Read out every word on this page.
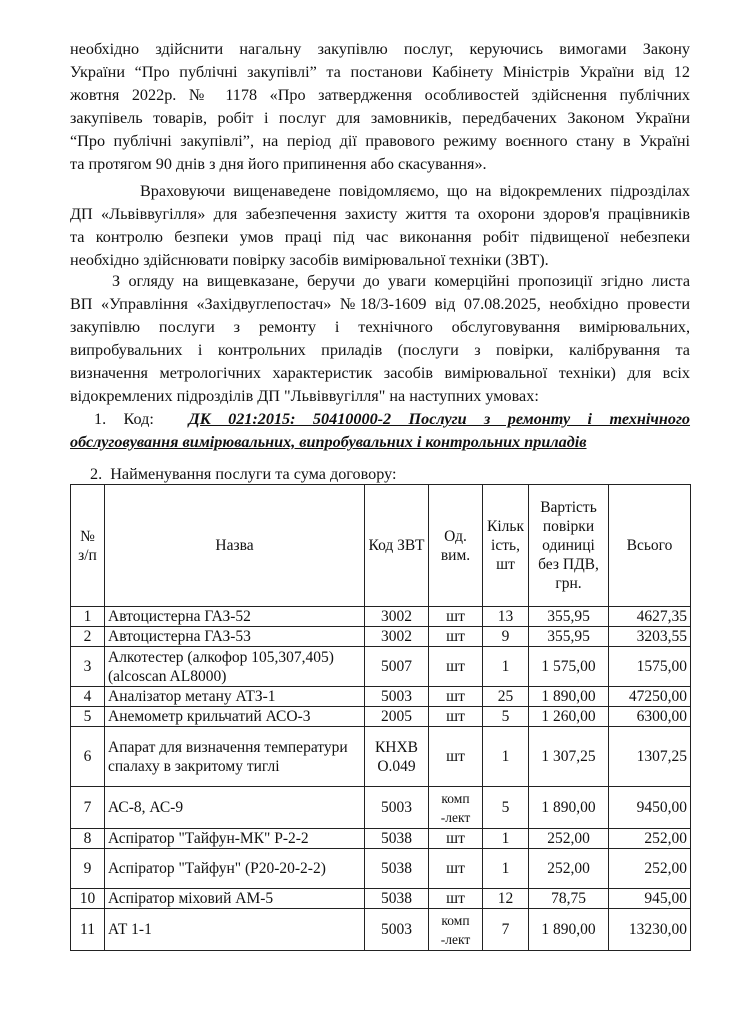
необхідно здійснити нагальну закупівлю послуг, керуючись вимогами Закону
України “Про публічні закупівлі” та постанови Кабінету Міністрів України від 12
жовтня 2022р. № 1178 «Про затвердження особливостей здійснення публічних
закупівель товарів, робіт і послуг для замовників, передбачених Законом України
“Про публічні закупівлі”, на період дії правового режиму воєнного стану в Україні
та протягом 90 днів з дня його припинення або скасування».
Враховуючи вищенаведене повідомляємо, що на відокремлених підрозділах
ДП «Львіввугілля» для забезпечення захисту життя та охорони здоров'я працівників
та контролю безпеки умов праці під час виконання робіт підвищеної небезпеки
необхідно здійснювати повірку засобів вимірювальної техніки (ЗВТ).
З огляду на вищевказане, беручи до уваги комерційні пропозиції згідно листа
ВП «Управління «Західвуглепостач» №18/3-1609 від 07.08.2025, необхідно провести
закупівлю послуги з ремонту і технічного обслуговування вимірювальних,
випробувальних і контрольних приладів (послуги з повірки, калібрування та
визначення метрологічних характеристик засобів вимірювальної техніки) для всіх
відокремлених підрозділів ДП "Львіввугілля" на наступних умовах:
1. Код: ДК 021:2015: 50410000-2 Послуги з ремонту і технічного
обслуговування вимірювальних, випробувальних і контрольних приладів
2. Найменування послуги та сума договору:
№ з/п	Назва	Код ЗВТ	Од. вим.	Кільк ість, шт	Вартість повірки одиниці без ПДВ, грн.	Всього
1	Автоцистерна ГАЗ-52	3002	шт	13	355,95	4627,35
2	Автоцистерна ГАЗ-53	3002	шт	9	355,95	3203,55
3	Алкотестер (алкофор 105,307,405) (alcoscan AL8000)	5007	шт	1	1 575,00	1575,00
4	Аналізатор метану АТЗ-1	5003	шт	25	1 890,00	47250,00
5	Анемометр крильчатий АСО-3	2005	шт	5	1 260,00	6300,00
6	Апарат для визначення температури спалаху в закритому тиглі	КНХВ О.049	шт	1	1 307,25	1307,25
7	АС-8, АС-9	5003	комп -лект	5	1 890,00	9450,00
8	Аспіратор "Тайфун-МК" Р-2-2	5038	шт	1	252,00	252,00
9	Аспіратор "Тайфун" (Р20-20-2-2)	5038	шт	1	252,00	252,00
10	Аспіратор міховий АМ-5	5038	шт	12	78,75	945,00
11	АТ 1-1	5003	комп -лект	7	1 890,00	13230,00
